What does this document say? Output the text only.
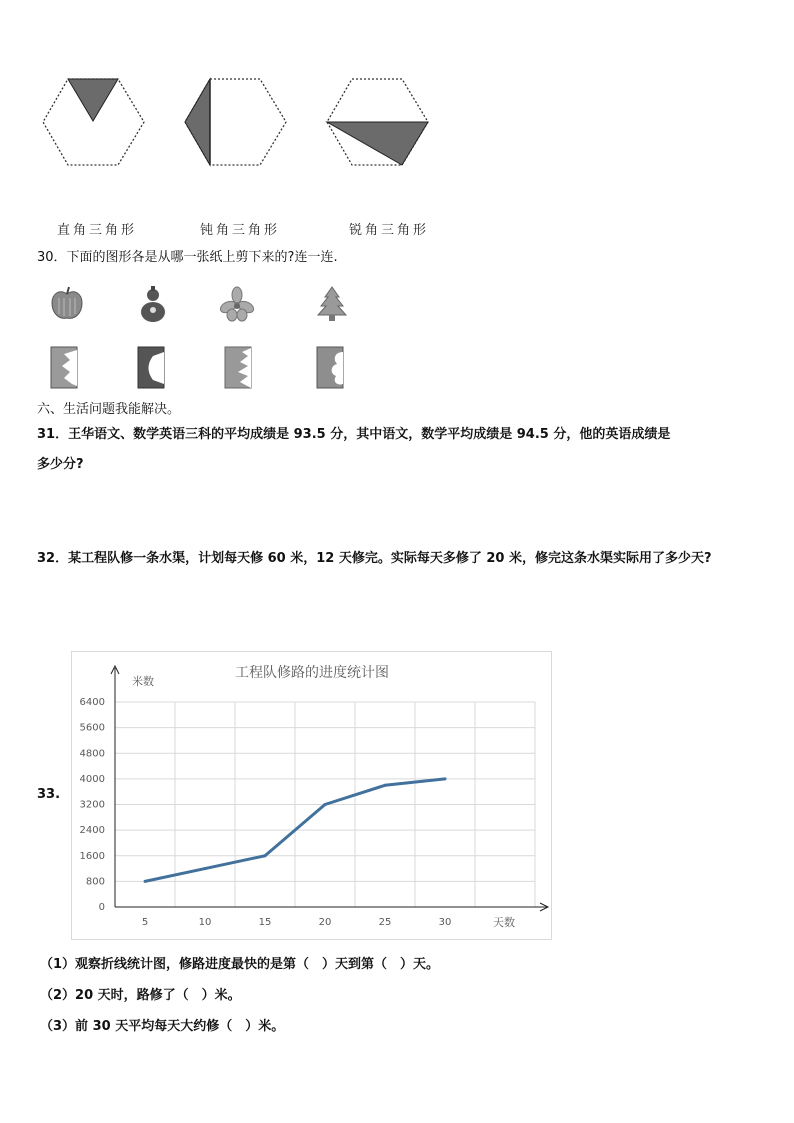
直角三角形	钝角三角形	锐角三角形
30．下面的图形各是从哪一张纸上剪下来的?连一连.
六、生活问题我能解决。
31．王华语文、数学英语三科的平均成绩是 93.5 分，其中语文，数学平均成绩是 94.5 分，他的英语成绩是
多少分?
32．某工程队修一条水渠，计划每天修 60 米，12 天修完。实际每天多修了 20 米，修完这条水渠实际用了多少天?
33.
工程队修路的进度统计图
米数
天数
0
800
1600
2400
3200
4000
4800
5600
6400
5	10	15	20	25	30
（1）观察折线统计图，修路进度最快的是第（　）天到第（　）天。
（2）20 天时，路修了（　）米。
（3）前 30 天平均每天大约修（　）米。
